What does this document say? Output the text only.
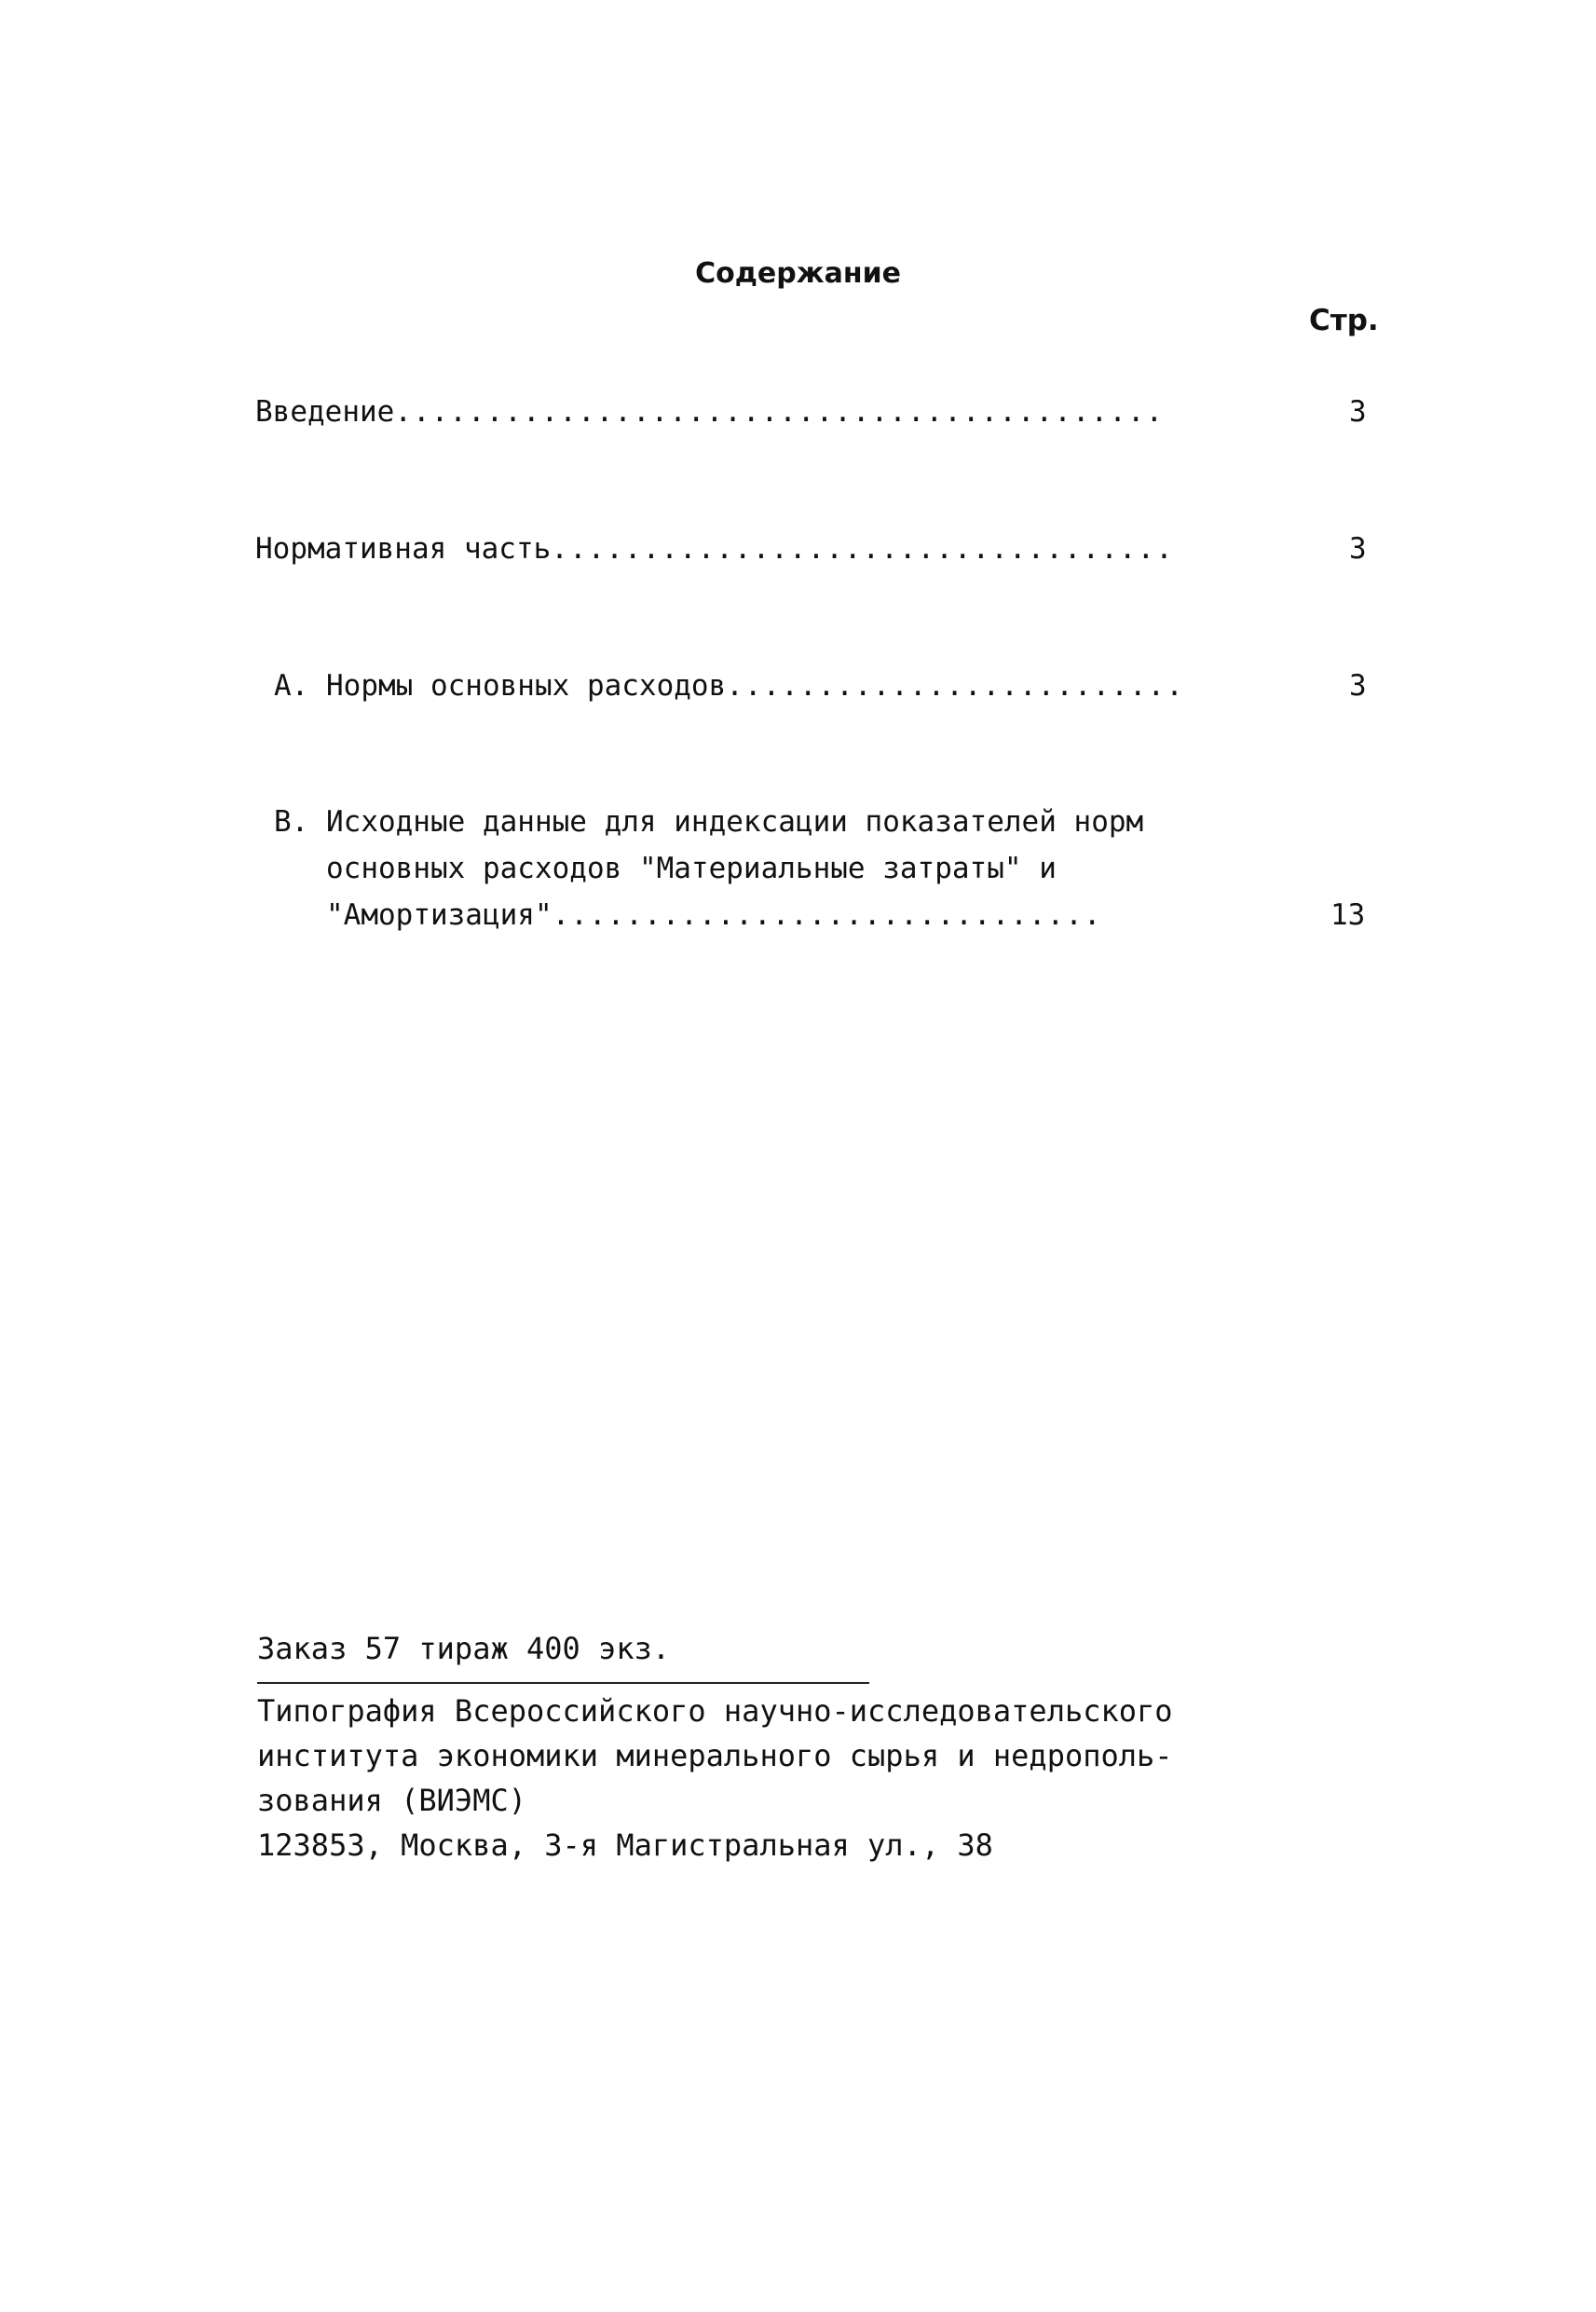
Содержание
Стр.
Введение..........................................	3
Нормативная часть..................................	3
А. Нормы основных расходов.........................	3
В. Исходные данные для индексации показателей норм
основных расходов "Материальные затраты" и
"Амортизация"..............................	13
Заказ 57 тираж 400 экз.
Типография Всероссийского научно-исследовательского
института экономики минерального сырья и недрополь-
зования (ВИЭМС)
123853, Москва, 3-я Магистральная ул., 38
